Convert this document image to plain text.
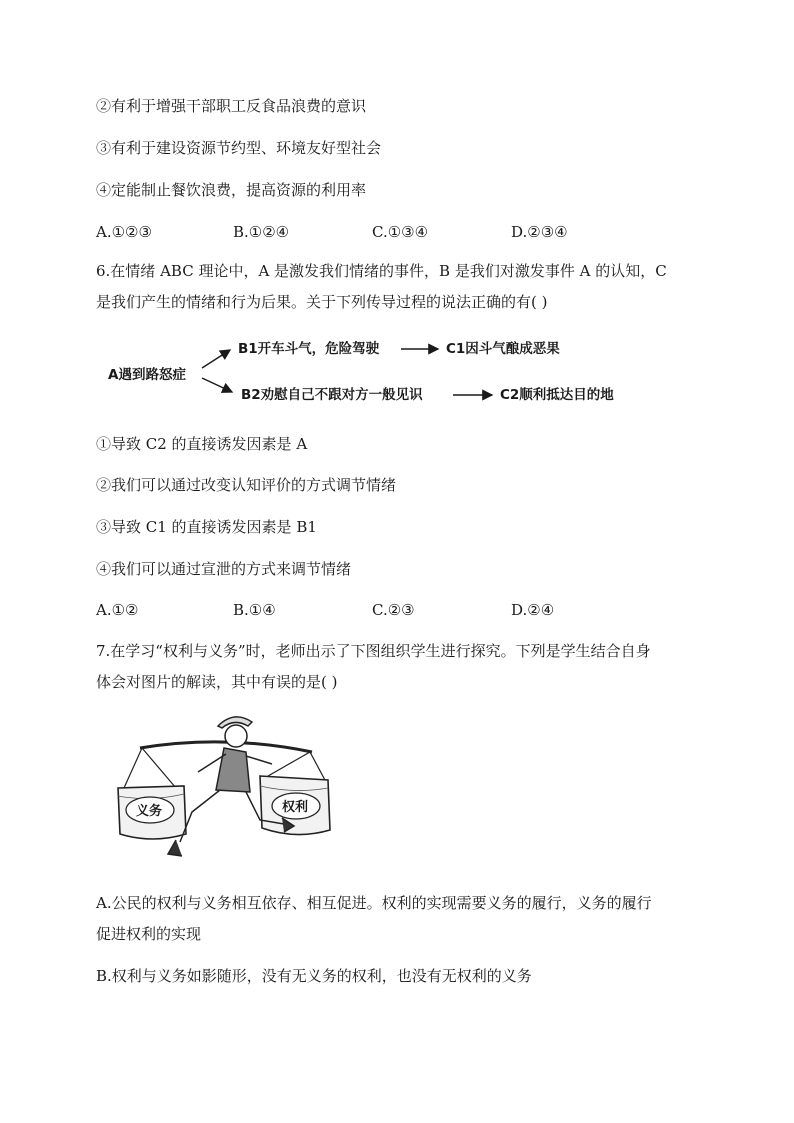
②有利于增强干部职工反食品浪费的意识
③有利于建设资源节约型、环境友好型社会
④定能制止餐饮浪费，提高资源的利用率
A.①②③	B.①②④	C.①③④	D.②③④
6.在情绪 ABC 理论中，A 是激发我们情绪的事件，B 是我们对激发事件 A 的认知，C
是我们产生的情绪和行为后果。关于下列传导过程的说法正确的有( )
A遇到路怒症
B1开车斗气，危险驾驶	C1因斗气酿成恶果
B2劝慰自己不跟对方一般见识	C2顺利抵达目的地
①导致 C2 的直接诱发因素是 A
②我们可以通过改变认知评价的方式调节情绪
③导致 C1 的直接诱发因素是 B1
④我们可以通过宣泄的方式来调节情绪
A.①②	B.①④	C.②③	D.②④
7.在学习“权利与义务”时，老师出示了下图组织学生进行探究。下列是学生结合自身
体会对图片的解读，其中有误的是( )
义务	权利
A.公民的权利与义务相互依存、相互促进。权利的实现需要义务的履行，义务的履行
促进权利的实现
B.权利与义务如影随形，没有无义务的权利，也没有无权利的义务
